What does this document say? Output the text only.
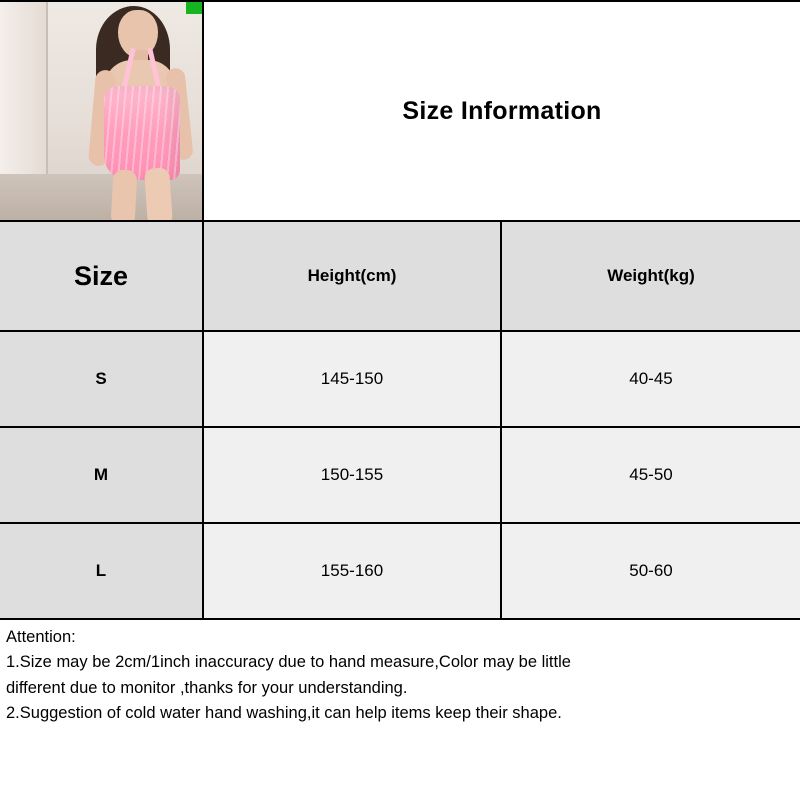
Size Information
Size	Height(cm)	Weight(kg)
S	145-150	40-45
M	150-155	45-50
L	155-160	50-60

Attention:

1.Size may be 2cm/1inch inaccuracy due to hand measure,Color may be little

different due to monitor ,thanks for your understanding.

2.Suggestion of cold water hand washing,it can help items keep their shape.
